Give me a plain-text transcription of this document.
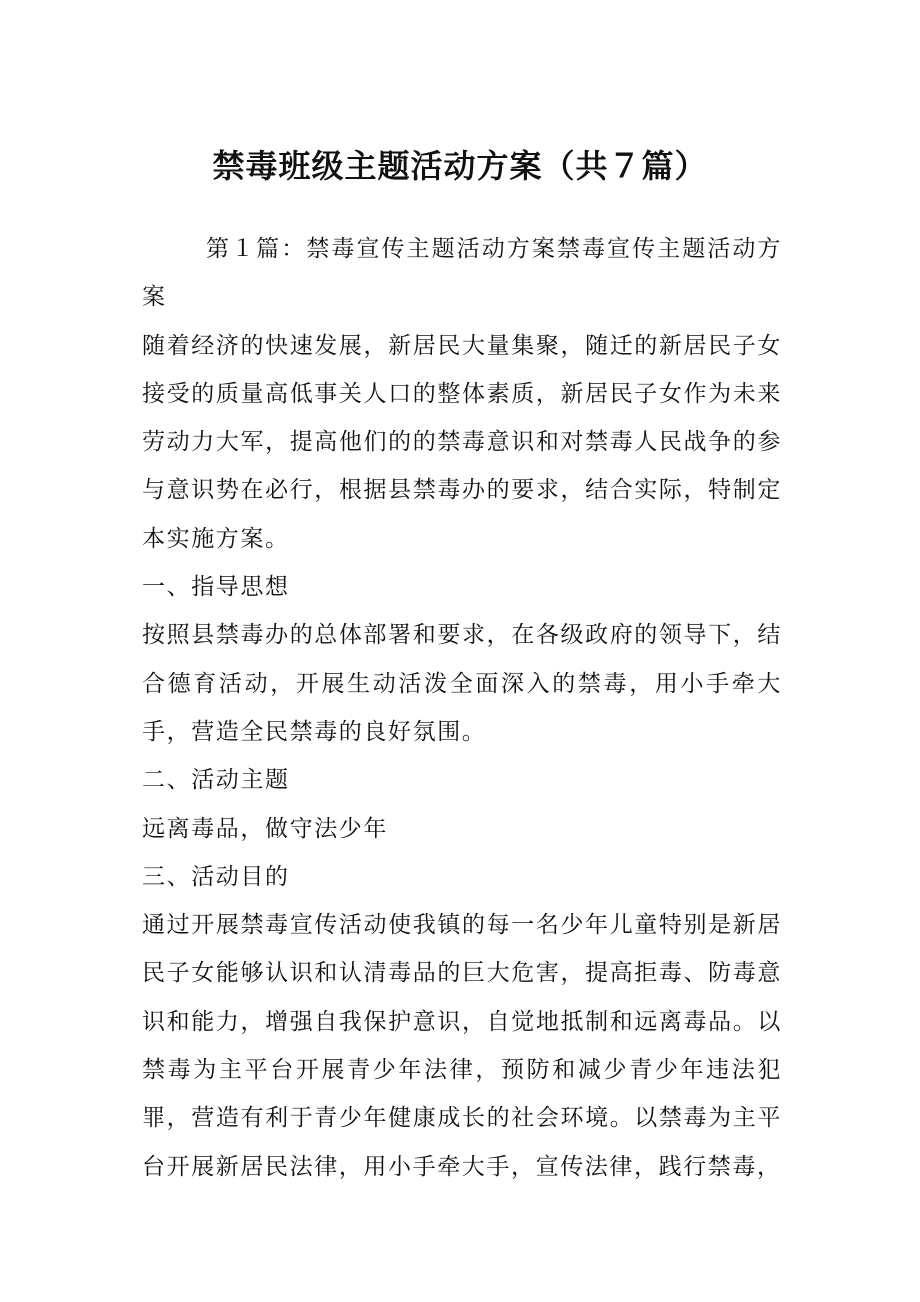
禁毒班级主题活动方案（共７篇）

第１篇：禁毒宣传主题活动方案禁毒宣传主题活动方案

随着经济的快速发展，新居民大量集聚，随迁的新居民子女接受的质量高低事关人口的整体素质，新居民子女作为未来劳动力大军，提高他们的的禁毒意识和对禁毒人民战争的参与意识势在必行，根据县禁毒办的要求，结合实际，特制定本实施方案。

一、指导思想

按照县禁毒办的总体部署和要求，在各级政府的领导下，结合德育活动，开展生动活泼全面深入的禁毒，用小手牵大手，营造全民禁毒的良好氛围。

二、活动主题

远离毒品，做守法少年

三、活动目的

通过开展禁毒宣传活动使我镇的每一名少年儿童特别是新居民子女能够认识和认清毒品的巨大危害，提高拒毒、防毒意识和能力，增强自我保护意识，自觉地抵制和远离毒品。以禁毒为主平台开展青少年法律，预防和减少青少年违法犯罪，营造有利于青少年健康成长的社会环境。以禁毒为主平台开展新居民法律，用小手牵大手，宣传法律，践行禁毒，
